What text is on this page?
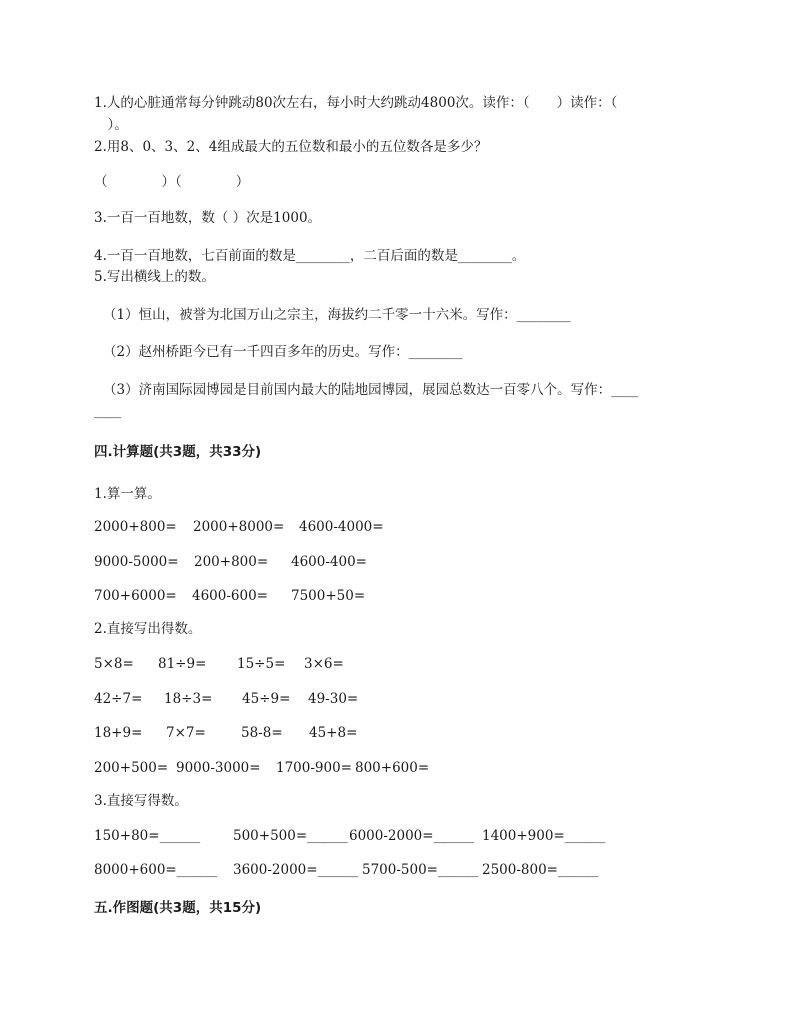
1.人的心脏通常每分钟跳动80次左右，每小时大约跳动4800次。读作：（　　）读作：（
　）。
2.用8、0、3、2、4组成最大的五位数和最小的五位数各是多少？
（　　　　）（　　　　）
3.一百一百地数，数（ ）次是1000。
4.一百一百地数，七百前面的数是________，二百后面的数是________。
5.写出横线上的数。
（1）恒山，被誉为北国万山之宗主，海拔约二千零一十六米。写作：________
（2）赵州桥距今已有一千四百多年的历史。写作：________
（3）济南国际园博园是目前国内最大的陆地园博园，展园总数达一百零八个。写作：____
____
四.计算题(共3题，共33分)
1.算一算。
2000+800= 2000+8000= 4600-4000=
9000-5000= 200+800= 4600-400=
700+6000= 4600-600= 7500+50=
2.直接写出得数。
5×8= 81÷9= 15÷5= 3×6=
42÷7= 18÷3= 45÷9= 49-30=
18+9= 7×7=	58-8= 45+8=
200+500= 9000-3000= 1700-900= 800+600=
3.直接写得数。
150+80=______ 500+500=______ 6000-2000=______ 1400+900=______
8000+600=______ 3600-2000=______ 5700-500=______ 2500-800=______
五.作图题(共3题，共15分)
